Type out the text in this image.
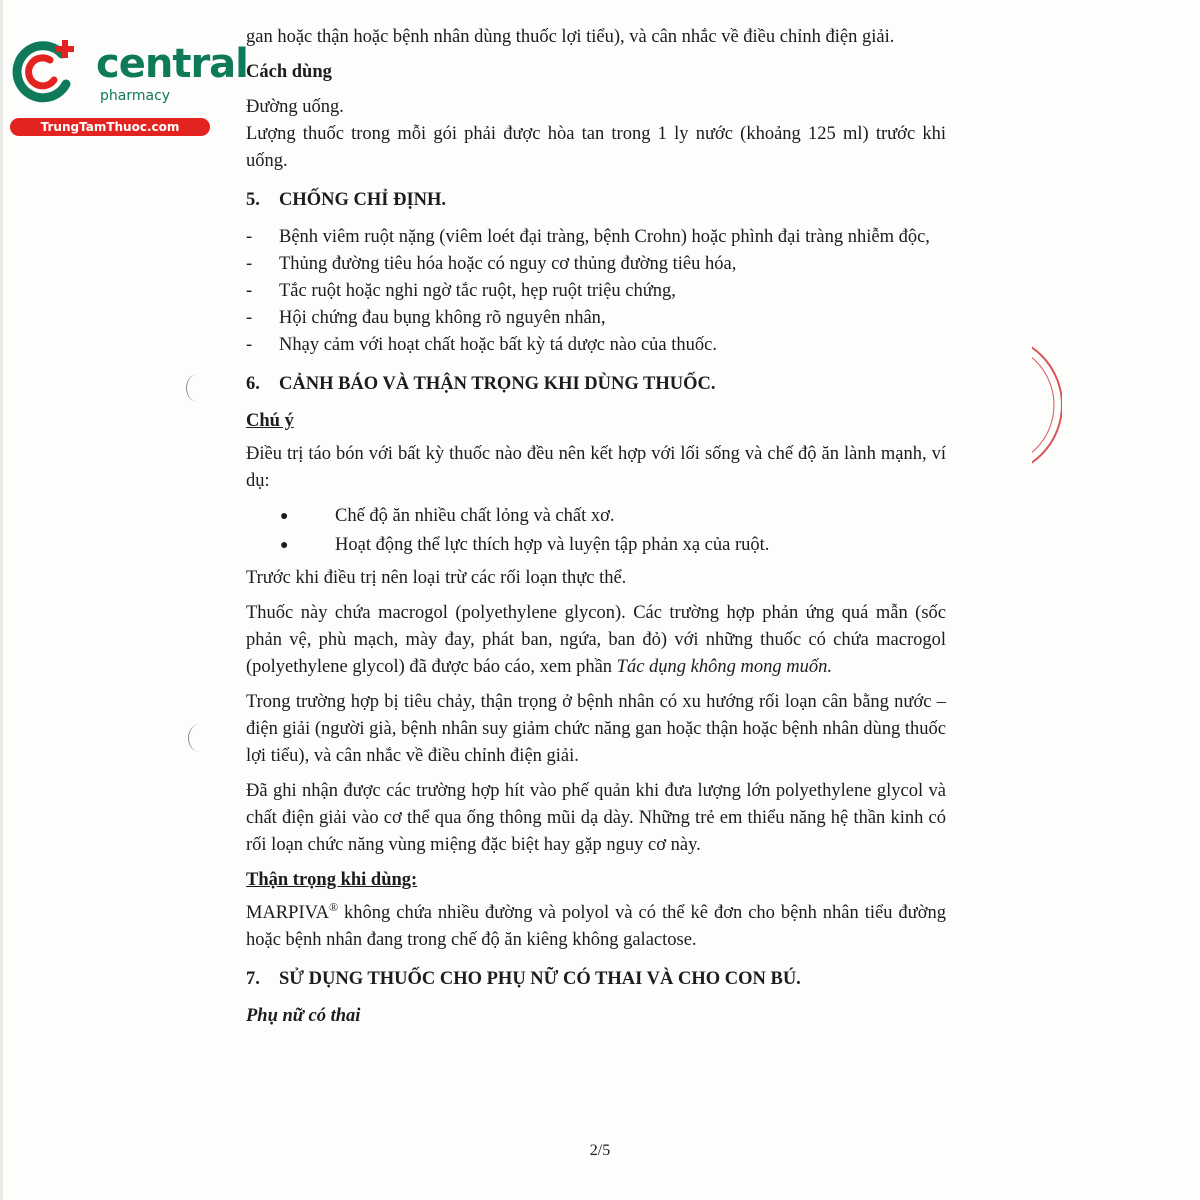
central
pharmacy
TrungTamThuoc.com

gan hoặc thận hoặc bệnh nhân dùng thuốc lợi tiểu), và cân nhắc về điều chỉnh điện giải.

Cách dùng

Đường uống.

Lượng thuốc trong mỗi gói phải được hòa tan trong 1 ly nước (khoảng 125 ml) trước khi uống.

5.	CHỐNG CHỈ ĐỊNH.
-	Bệnh viêm ruột nặng (viêm loét đại tràng, bệnh Crohn) hoặc phình đại tràng nhiễm độc,
-	Thủng đường tiêu hóa hoặc có nguy cơ thủng đường tiêu hóa,
-	Tắc ruột hoặc nghi ngờ tắc ruột, hẹp ruột triệu chứng,
-	Hội chứng đau bụng không rõ nguyên nhân,
-	Nhạy cảm với hoạt chất hoặc bất kỳ tá dược nào của thuốc.
6.	CẢNH BÁO VÀ THẬN TRỌNG KHI DÙNG THUỐC.
Chú ý

Điều trị táo bón với bất kỳ thuốc nào đều nên kết hợp với lối sống và chế độ ăn lành mạnh, ví dụ:

●	Chế độ ăn nhiều chất lỏng và chất xơ.
●	Hoạt động thể lực thích hợp và luyện tập phản xạ của ruột.

Trước khi điều trị nên loại trừ các rối loạn thực thể.

Thuốc này chứa macrogol (polyethylene glycon). Các trường hợp phản ứng quá mẫn (sốc phản vệ, phù mạch, mày đay, phát ban, ngứa, ban đỏ) với những thuốc có chứa macrogol (polyethylene glycol) đã được báo cáo, xem phần Tác dụng không mong muốn.

Trong trường hợp bị tiêu chảy, thận trọng ở bệnh nhân có xu hướng rối loạn cân bằng nước – điện giải (người già, bệnh nhân suy giảm chức năng gan hoặc thận hoặc bệnh nhân dùng thuốc lợi tiểu), và cân nhắc về điều chỉnh điện giải.

Đã ghi nhận được các trường hợp hít vào phế quản khi đưa lượng lớn polyethylene glycol và chất điện giải vào cơ thể qua ống thông mũi dạ dày. Những trẻ em thiểu năng hệ thần kinh có rối loạn chức năng vùng miệng đặc biệt hay gặp nguy cơ này.

Thận trọng khi dùng:

MARPIVA® không chứa nhiều đường và polyol và có thể kê đơn cho bệnh nhân tiểu đường hoặc bệnh nhân đang trong chế độ ăn kiêng không galactose.

7.	SỬ DỤNG THUỐC CHO PHỤ NỮ CÓ THAI VÀ CHO CON BÚ.
Phụ nữ có thai
2/5
